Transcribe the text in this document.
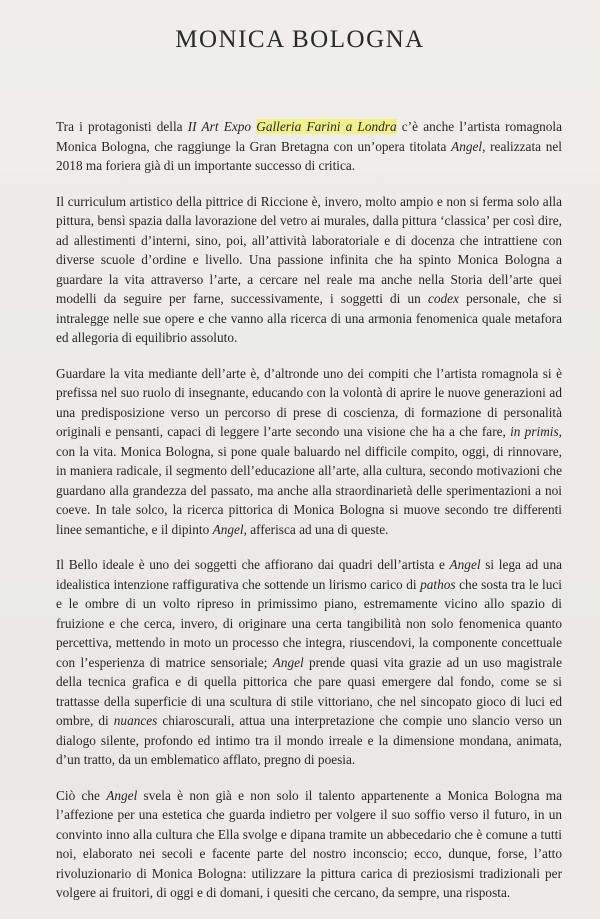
MONICA BOLOGNA

Tra i protagonisti della II Art Expo Galleria Farini a Londra c’è anche l’artista romagnola Monica Bologna, che raggiunge la Gran Bretagna con un’opera titolata Angel, realizzata nel 2018 ma foriera già di un importante successo di critica.

Il curriculum artistico della pittrice di Riccione è, invero, molto ampio e non si ferma solo alla pittura, bensì spazia dalla lavorazione del vetro ai murales, dalla pittura ‘classica’ per così dire, ad allestimenti d’interni, sino, poi, all’attività laboratoriale e di docenza che intrattiene con diverse scuole d’ordine e livello. Una passione infinita che ha spinto Monica Bologna a guardare la vita attraverso l’arte, a cercare nel reale ma anche nella Storia dell’arte quei modelli da seguire per farne, successivamente, i soggetti di un codex personale, che si intralegge nelle sue opere e che vanno alla ricerca di una armonia fenomenica quale metafora ed allegoria di equilibrio assoluto.

Guardare la vita mediante dell’arte è, d’altronde uno dei compiti che l’artista romagnola si è prefissa nel suo ruolo di insegnante, educando con la volontà di aprire le nuove generazioni ad una predisposizione verso un percorso di prese di coscienza, di formazione di personalità originali e pensanti, capaci di leggere l’arte secondo una visione che ha a che fare, in primis, con la vita. Monica Bologna, si pone quale baluardo nel difficile compito, oggi, di rinnovare, in maniera radicale, il segmento dell’educazione all’arte, alla cultura, secondo motivazioni che guardano alla grandezza del passato, ma anche alla straordinarietà delle sperimentazioni a noi coeve. In tale solco, la ricerca pittorica di Monica Bologna si muove secondo tre differenti linee semantiche, e il dipinto Angel, afferisca ad una di queste.

Il Bello ideale è uno dei soggetti che affiorano dai quadri dell’artista e Angel si lega ad una idealistica intenzione raffigurativa che sottende un lirismo carico di pathos che sosta tra le luci e le ombre di un volto ripreso in primissimo piano, estremamente vicino allo spazio di fruizione e che cerca, invero, di originare una certa tangibilità non solo fenomenica quanto percettiva, mettendo in moto un processo che integra, riuscendovi, la componente concettuale con l’esperienza di matrice sensoriale; Angel prende quasi vita grazie ad un uso magistrale della tecnica grafica e di quella pittorica che pare quasi emergere dal fondo, come se si trattasse della superficie di una scultura di stile vittoriano, che nel sincopato gioco di luci ed ombre, di nuances chiaroscurali, attua una interpretazione che compie uno slancio verso un dialogo silente, profondo ed intimo tra il mondo irreale e la dimensione mondana, animata, d’un tratto, da un emblematico afflato, pregno di poesia.

Ciò che Angel svela è non già e non solo il talento appartenente a Monica Bologna ma l’affezione per una estetica che guarda indietro per volgere il suo soffio verso il futuro, in un convinto inno alla cultura che Ella svolge e dipana tramite un abbecedario che è comune a tutti noi, elaborato nei secoli e facente parte del nostro inconscio; ecco, dunque, forse, l’atto rivoluzionario di Monica Bologna: utilizzare la pittura carica di preziosismi tradizionali per volgere ai fruitori, di oggi e di domani, i quesiti che cercano, da sempre, una risposta.
